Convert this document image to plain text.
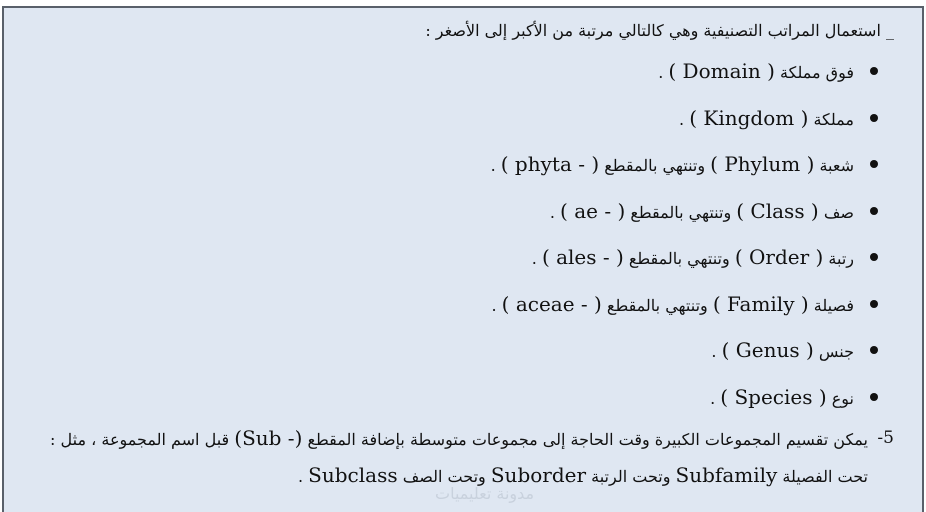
_ استعمال المراتب التصنيفية وهي كالتالي مرتبة من الأكبر إلى الأصغر :

فوق مملكة ( Domain ) .
مملكة ( Kingdom ) .
شعبة ( Phylum ) وتنتهي بالمقطع ( phyta - ) .
صف ( Class ) وتنتهي بالمقطع ( ae - ) .
رتبة ( Order ) وتنتهي بالمقطع ( ales - ) .
فصيلة ( Family ) وتنتهي بالمقطع ( aceae - ) .
جنس ( Genus ) .
نوع ( Species ) .

5-
يمكن تقسيم المجموعات الكبيرة وقت الحاجة إلى مجموعات متوسطة بإضافة المقطع (Sub -) قبل اسم المجموعة ، مثل :

تحت الفصيلة Subfamily وتحت الرتبة Suborder وتحت الصف Subclass .

مدونة تعليميات
